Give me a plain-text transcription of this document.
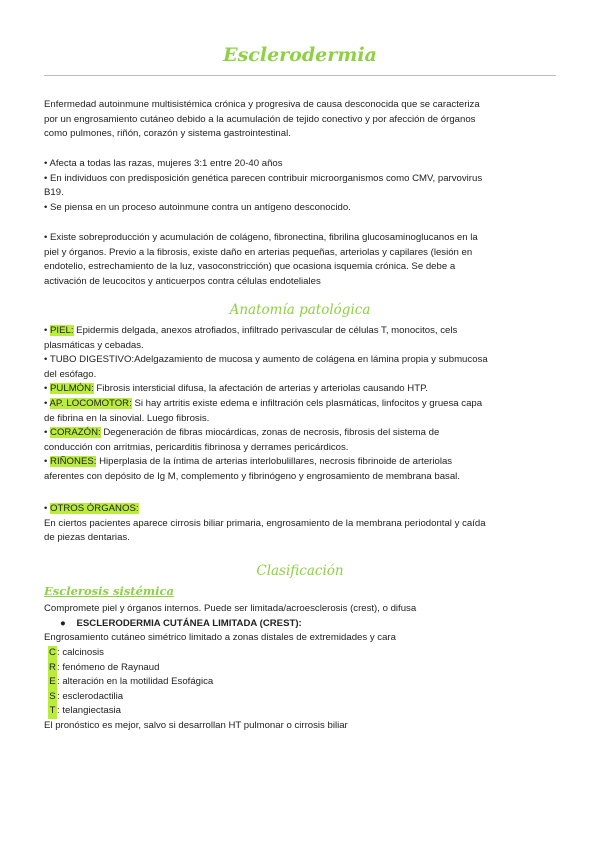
Esclerodermia
Enfermedad autoinmune multisistémica crónica y progresiva de causa desconocida que se caracteriza
por un engrosamiento cutáneo debido a la acumulación de tejido conectivo y por afección de órganos
como pulmones, riñón, corazón y sistema gastrointestinal.
• Afecta a todas las razas, mujeres 3:1 entre 20-40 años
• En individuos con predisposición genética parecen contribuir microorganismos como CMV, parvovirus
B19.
• Se piensa en un proceso autoinmune contra un antígeno desconocido.
• Existe sobreproducción y acumulación de colágeno, fibronectina, fibrilina glucosaminoglucanos en la
piel y órganos. Previo a la fibrosis, existe daño en arterias pequeñas, arteriolas y capilares (lesión en
endotelio, estrechamiento de la luz, vasoconstricción) que ocasiona isquemia crónica. Se debe a
activación de leucocitos y anticuerpos contra células endoteliales
Anatomía patológica
• PIEL: Epidermis delgada, anexos atrofiados, infiltrado perivascular de células T, monocitos, cels
plasmáticas y cebadas.
• TUBO DIGESTIVO:Adelgazamiento de mucosa y aumento de colágena en lámina propia y submucosa
del esófago.
• PULMÓN: Fibrosis intersticial difusa, la afectación de arterias y arteriolas causando HTP.
• AP. LOCOMOTOR: Si hay artritis existe edema e infiltración cels plasmáticas, linfocitos y gruesa capa
de fibrina en la sinovial. Luego fibrosis.
• CORAZÓN: Degeneración de fibras miocárdicas, zonas de necrosis, fibrosis del sistema de
conducción con arritmias, pericarditis fibrinosa y derrames pericárdicos.
• RIÑONES: Hiperplasia de la íntima de arterias interlobulillares, necrosis fibrinoide de arteriolas
aferentes con depósito de Ig M, complemento y fibrinógeno y engrosamiento de membrana basal.
• OTROS ÓRGANOS:
En ciertos pacientes aparece cirrosis biliar primaria, engrosamiento de la membrana periodontal y caída
de piezas dentarias.
Clasificación
Esclerosis sistémica
Compromete piel y órganos internos. Puede ser limitada/acroesclerosis (crest), o difusa
●    ESCLERODERMIA CUTÁNEA LIMITADA (CREST):
Engrosamiento cutáneo simétrico limitado a zonas distales de extremidades y cara
C: calcinosis
R: fenómeno de Raynaud
E: alteración en la motilidad Esofágica
S: esclerodactilia
T : telangiectasia
El pronóstico es mejor, salvo si desarrollan HT pulmonar o cirrosis biliar
